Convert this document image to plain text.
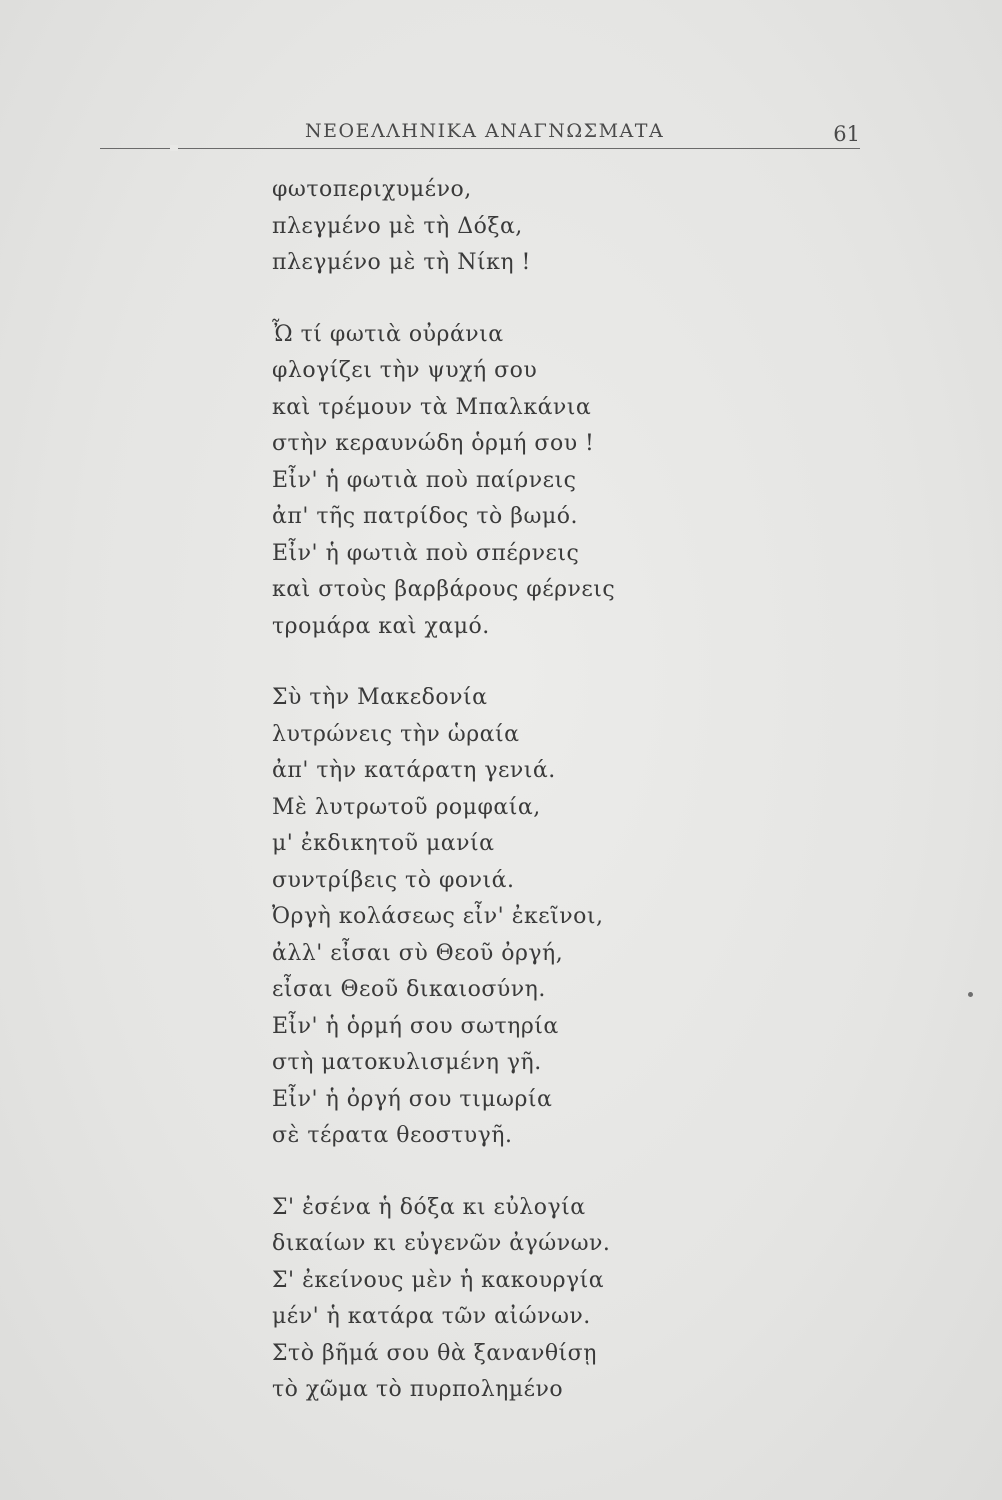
ΝΕΟΕΛΛΗΝΙΚΑ ΑΝΑΓΝΩΣΜΑΤΑ	61
φωτοπεριχυμένο,
πλεγμένο μὲ τὴ Δόξα,
πλεγμένο μὲ τὴ Νίκη !
Ὦ τί φωτιὰ οὐράνια
φλογίζει τὴν ψυχή σου
καὶ τρέμουν τὰ Μπαλκάνια
στὴν κεραυνώδη ὁρμή σου !
Εἶν' ἡ φωτιὰ ποὺ παίρνεις
ἀπ' τῆς πατρίδος τὸ βωμό.
Εἶν' ἡ φωτιὰ ποὺ σπέρνεις
καὶ στοὺς βαρβάρους φέρνεις
τρομάρα καὶ χαμό.
Σὺ τὴν Μακεδονία
λυτρώνεις τὴν ὡραία
ἀπ' τὴν κατάρατη γενιά.
Μὲ λυτρωτοῦ ρομφαία,
μ' ἐκδικητοῦ μανία
συντρίβεις τὸ φονιά.
Ὀργὴ κολάσεως εἶν' ἐκεῖνοι,
ἀλλ' εἶσαι σὺ Θεοῦ ὀργή,
εἶσαι Θεοῦ δικαιοσύνη.
Εἶν' ἡ ὁρμή σου σωτηρία
στὴ ματοκυλισμένη γῆ.
Εἶν' ἡ ὀργή σου τιμωρία
σὲ τέρατα θεοστυγῆ.
Σ' ἐσένα ἡ δόξα κι εὐλογία
δικαίων κι εὐγενῶν ἀγώνων.
Σ' ἐκείνους μὲν ἡ κακουργία
μέν' ἡ κατάρα τῶν αἰώνων.
Στὸ βῆμά σου θὰ ξανανθίσῃ
τὸ χῶμα τὸ πυρποληµένο
